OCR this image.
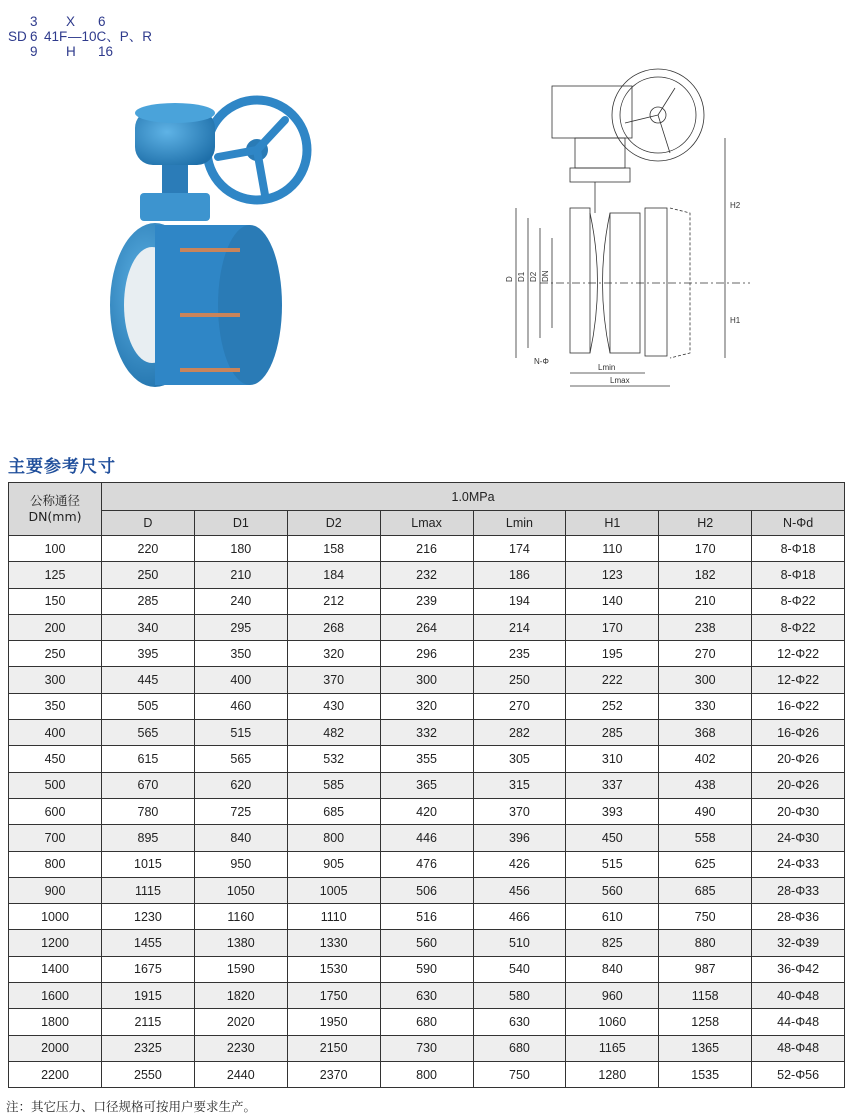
3 X 6
SD 6 41F —10C、P、R
9 H 16
D D1 D2 DN
H2
H1
N-Φ
Lmin
Lmax
主要参考尺寸
公称通径
DN(mm)	1.0MPa							
	D	D1	D2	Lmax	Lmin	H1	H2	N-Φd
100	220	180	158	216	174	110	170	8-Φ18
125	250	210	184	232	186	123	182	8-Φ18
150	285	240	212	239	194	140	210	8-Φ22
200	340	295	268	264	214	170	238	8-Φ22
250	395	350	320	296	235	195	270	12-Φ22
300	445	400	370	300	250	222	300	12-Φ22
350	505	460	430	320	270	252	330	16-Φ22
400	565	515	482	332	282	285	368	16-Φ26
450	615	565	532	355	305	310	402	20-Φ26
500	670	620	585	365	315	337	438	20-Φ26
600	780	725	685	420	370	393	490	20-Φ30
700	895	840	800	446	396	450	558	24-Φ30
800	1015	950	905	476	426	515	625	24-Φ33
900	1115	1050	1005	506	456	560	685	28-Φ33
1000	1230	1160	1110	516	466	610	750	28-Φ36
1200	1455	1380	1330	560	510	825	880	32-Φ39
1400	1675	1590	1530	590	540	840	987	36-Φ42
1600	1915	1820	1750	630	580	960	1158	40-Φ48
1800	2115	2020	1950	680	630	1060	1258	44-Φ48
2000	2325	2230	2150	730	680	1165	1365	48-Φ48
2200	2550	2440	2370	800	750	1280	1535	52-Φ56
注：其它压力、口径规格可按用户要求生产。
